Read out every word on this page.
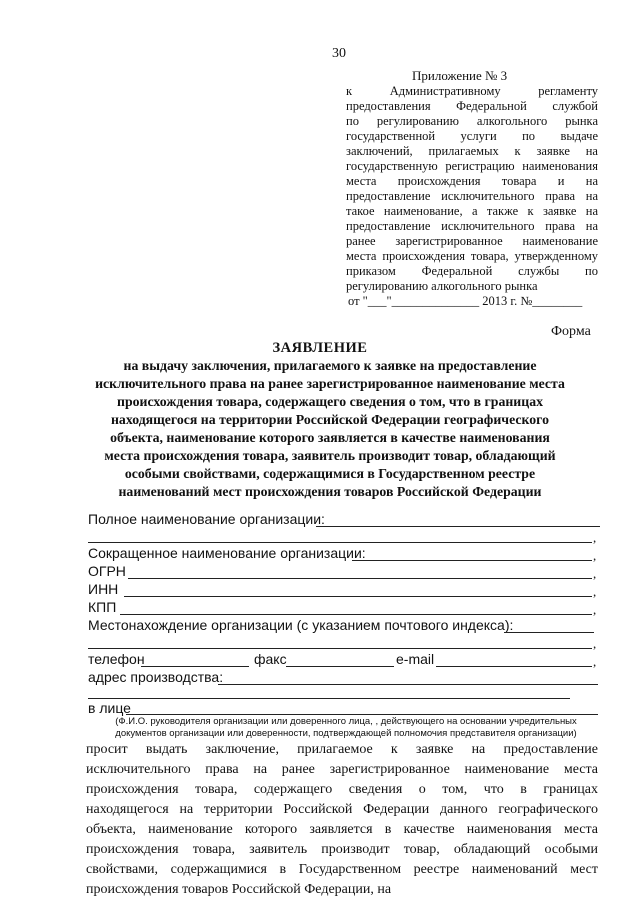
30
Приложение № 3
к Административному регламенту
предоставления Федеральной службой
по регулированию алкогольного рынка
государственной услуги по выдаче
заключений, прилагаемых к заявке на
государственную регистрацию наименования
места происхождения товара и на
предоставление исключительного права на
такое наименование, а также к заявке на
предоставление исключительного права на
ранее зарегистрированное наименование
места происхождения товара, утвержденному
приказом Федеральной службы по
регулированию алкогольного рынка
от "___"______________ 2013 г. №________
Форма
ЗАЯВЛЕНИЕ
на выдачу заключения, прилагаемого к заявке на предоставление
исключительного права на ранее зарегистрированное наименование места
происхождения товара, содержащего сведения о том, что в границах
находящегося на территории Российской Федерации географического
объекта, наименование которого заявляется в качестве наименования
места происхождения товара, заявитель производит товар, обладающий
особыми свойствами, содержащимися в Государственном реестре
наименований мест происхождения товаров Российской Федерации
Полное наименование организации:
,
Сокращенное наименование организации:	,
ОГРН	,
ИНН	,
КПП	,
Местонахождение организации (с указанием почтового индекса):
,
телефон	факс	e-mail	,
адрес производства:
в лице
(Ф.И.О. руководителя организации или доверенного лица, , действующего на основании учредительных документов организации или доверенности, подтверждающей полномочия представителя организации)
просит выдать заключение, прилагаемое к заявке на предоставление
исключительного права на ранее зарегистрированное наименование места
происхождения товара, содержащего сведения о том, что в границах
находящегося на территории Российской Федерации данного географического
объекта, наименование которого заявляется в качестве наименования места
происхождения товара, заявитель производит товар, обладающий особыми
свойствами, содержащимися в Государственном реестре наименований мест
происхождения товаров Российской Федерации, на
